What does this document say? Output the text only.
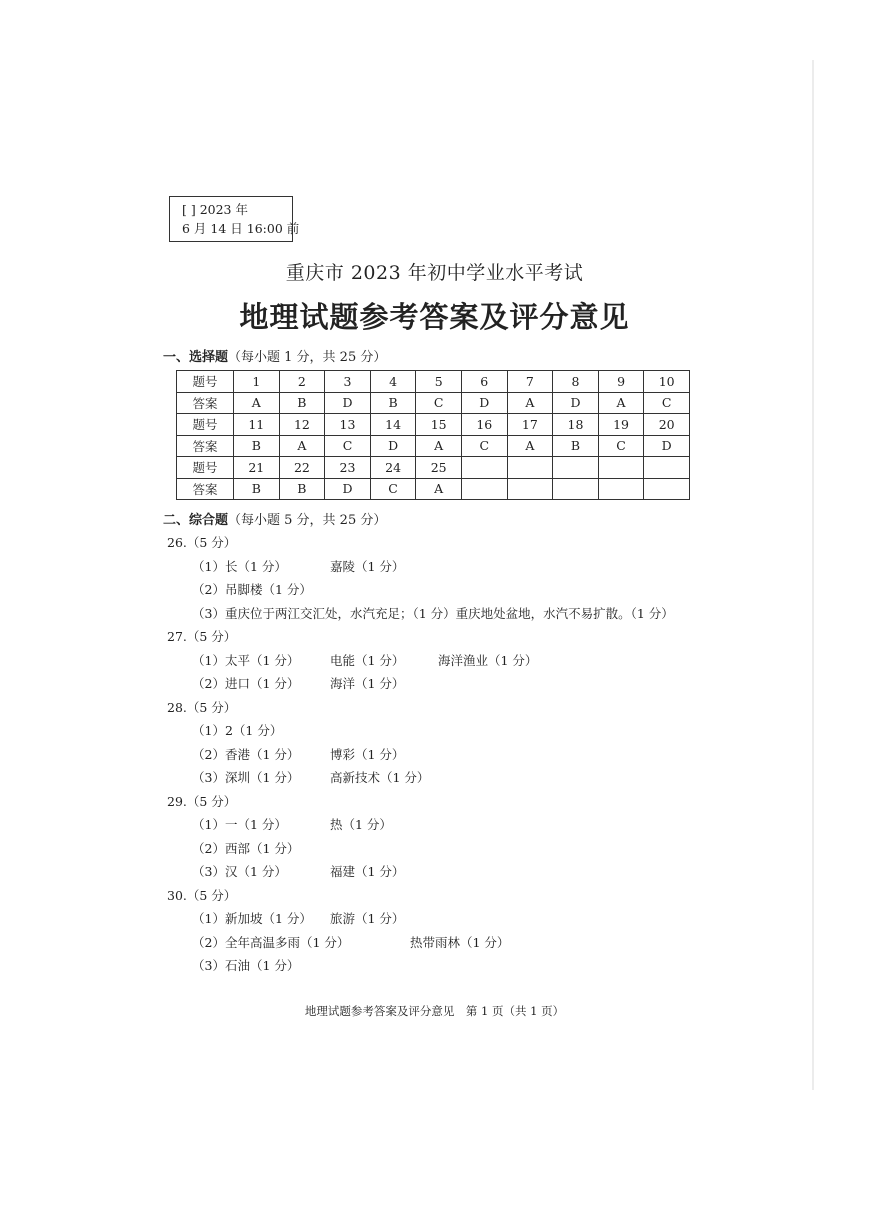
[ ] 2023 年
6 月 14 日 16:00 前
重庆市 2023 年初中学业水平考试
地理试题参考答案及评分意见
一、选择题（每小题 1 分，共 25 分）
题号	1	2	3	4	5	6	7	8	9	10
答案	A	B	D	B	C	D	A	D	A	C
题号	11	12	13	14	15	16	17	18	19	20
答案	B	A	C	D	A	C	A	B	C	D
题号	21	22	23	24	25					
答案	B	B	D	C	A					
二、综合题（每小题 5 分，共 25 分）
26.（5 分）
（1）长（1 分）	嘉陵（1 分）
（2）吊脚楼（1 分）
（3）重庆位于两江交汇处，水汽充足；（1 分）重庆地处盆地，水汽不易扩散。（1 分）
27.（5 分）
（1）太平（1 分） 电能（1 分）	海洋渔业（1 分）
（2）进口（1 分） 海洋（1 分）
28.（5 分）
（1）2（1 分）
（2）香港（1 分） 博彩（1 分）
（3）深圳（1 分） 高新技术（1 分）
29.（5 分）
（1）一（1 分）	热（1 分）
（2）西部（1 分）
（3）汉（1 分）	福建（1 分）
30.（5 分）
（1）新加坡（1 分） 旅游（1 分）
（2）全年高温多雨（1 分）	热带雨林（1 分）
（3）石油（1 分）
地理试题参考答案及评分意见　第 1 页（共 1 页）
